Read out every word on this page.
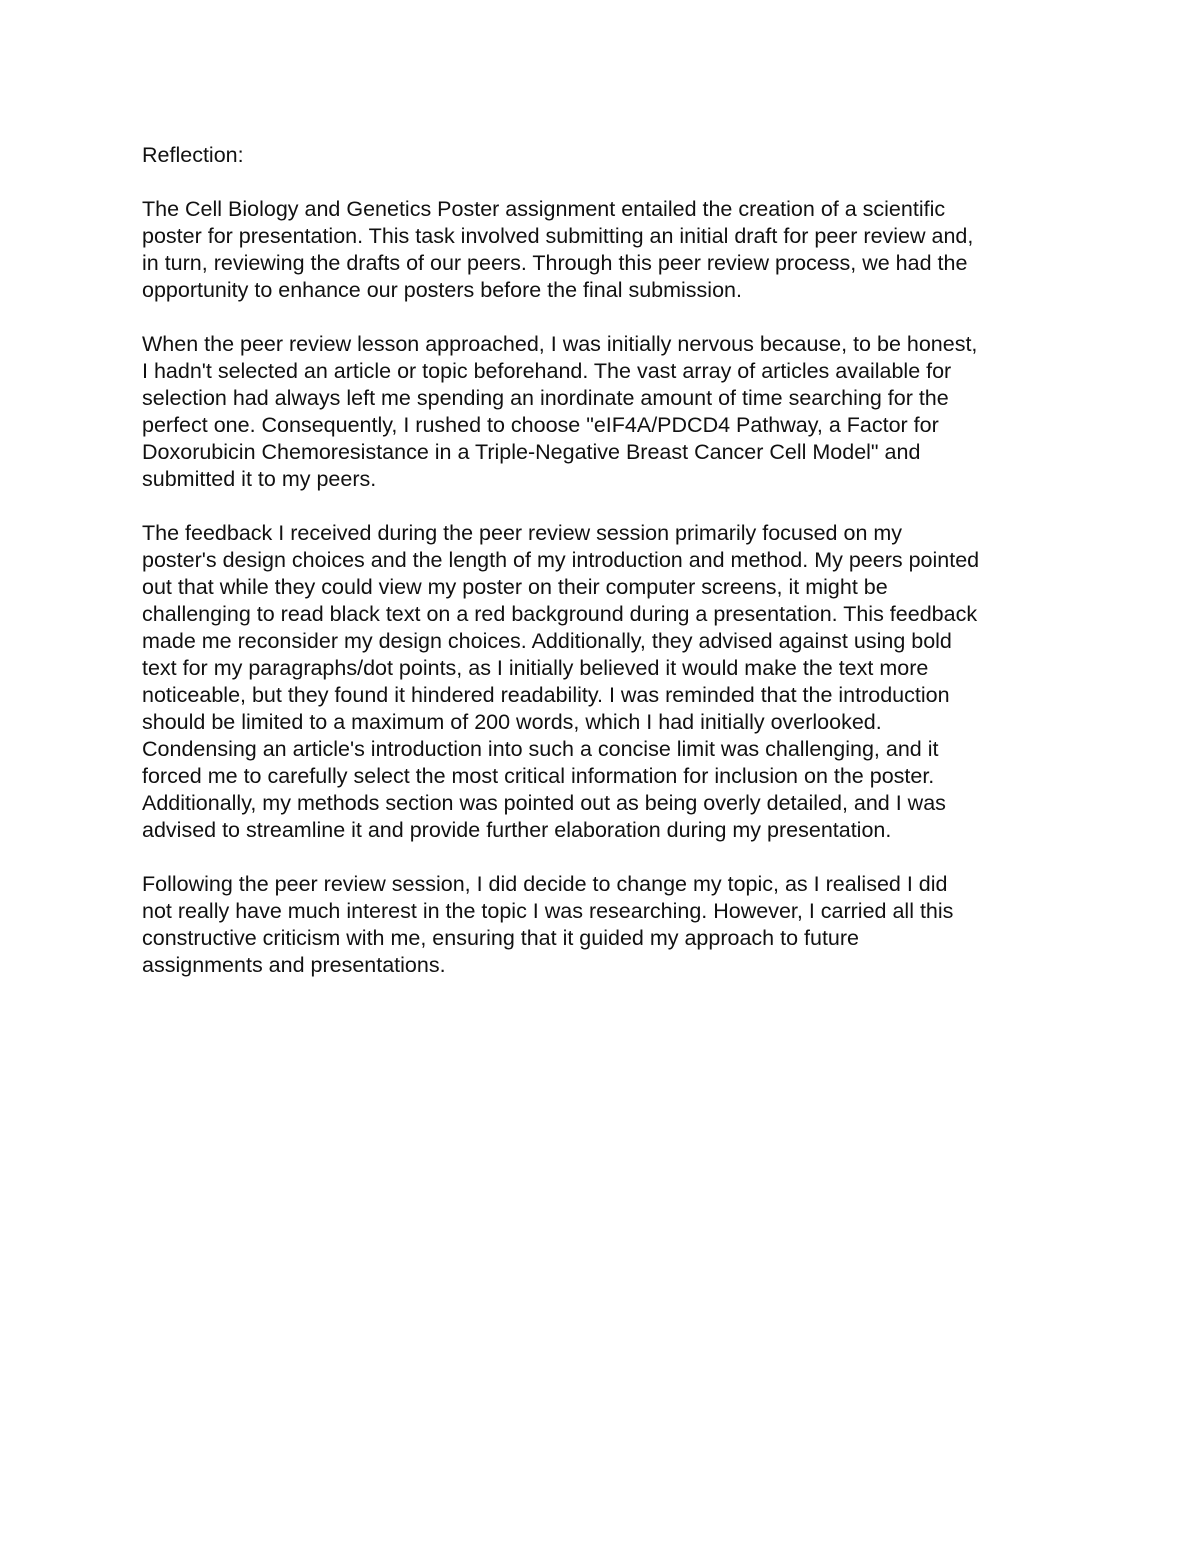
Reflection:
The Cell Biology and Genetics Poster assignment entailed the creation of a scientific
poster for presentation. This task involved submitting an initial draft for peer review and,
in turn, reviewing the drafts of our peers. Through this peer review process, we had the
opportunity to enhance our posters before the final submission.
When the peer review lesson approached, I was initially nervous because, to be honest,
I hadn't selected an article or topic beforehand. The vast array of articles available for
selection had always left me spending an inordinate amount of time searching for the
perfect one. Consequently, I rushed to choose "eIF4A/PDCD4 Pathway, a Factor for
Doxorubicin Chemoresistance in a Triple-Negative Breast Cancer Cell Model" and
submitted it to my peers.
The feedback I received during the peer review session primarily focused on my
poster's design choices and the length of my introduction and method. My peers pointed
out that while they could view my poster on their computer screens, it might be
challenging to read black text on a red background during a presentation. This feedback
made me reconsider my design choices. Additionally, they advised against using bold
text for my paragraphs/dot points, as I initially believed it would make the text more
noticeable, but they found it hindered readability. I was reminded that the introduction
should be limited to a maximum of 200 words, which I had initially overlooked.
Condensing an article's introduction into such a concise limit was challenging, and it
forced me to carefully select the most critical information for inclusion on the poster.
Additionally, my methods section was pointed out as being overly detailed, and I was
advised to streamline it and provide further elaboration during my presentation.
Following the peer review session, I did decide to change my topic, as I realised I did
not really have much interest in the topic I was researching. However, I carried all this
constructive criticism with me, ensuring that it guided my approach to future
assignments and presentations.
